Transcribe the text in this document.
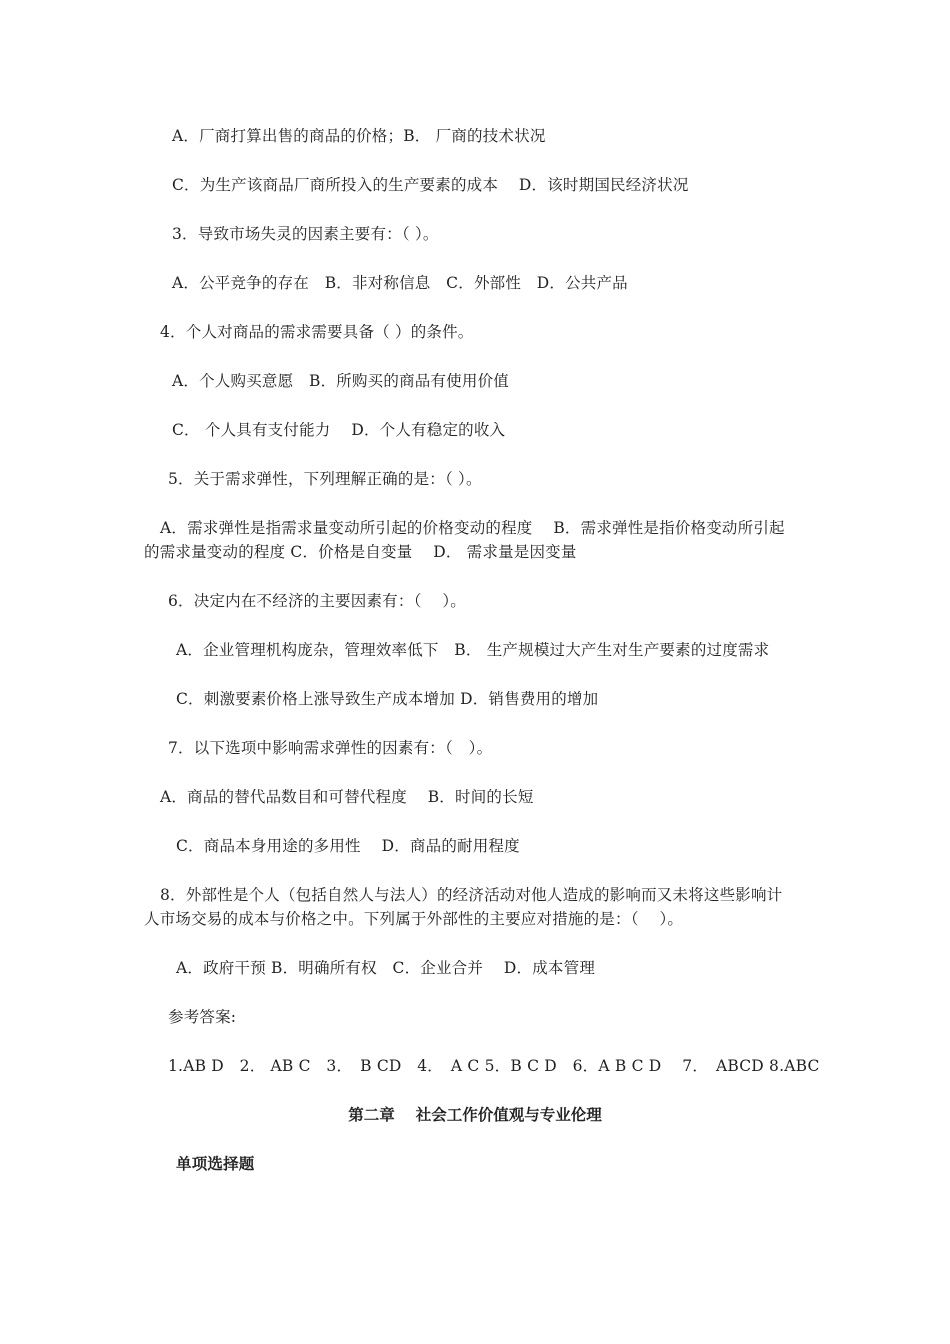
A．厂商打算出售的商品的价格；B． 厂商的技术状况
C．为生产该商品厂商所投入的生产要素的成本　 D．该时期国民经济状况
3．导致市场失灵的因素主要有：（ ）。
A．公平竞争的存在　B．非对称信息　C．外部性　D．公共产品
4．个人对商品的需求需要具备（ ）的条件。
A．个人购买意愿　B．所购买的商品有使用价值
C． 个人具有支付能力　 D．个人有稳定的收入
5．关于需求弹性，下列理解正确的是：（ ）。
A．需求弹性是指需求量变动所引起的价格变动的程度　 B．需求弹性是指价格变动所引起
的需求量变动的程度 C．价格是自变量　 D． 需求量是因变量
6．决定内在不经济的主要因素有：（　 ）。
A．企业管理机构庞杂，管理效率低下　B． 生产规模过大产生对生产要素的过度需求
C．刺激要素价格上涨导致生产成本增加 D．销售费用的增加
7．以下选项中影响需求弹性的因素有：（　）。
A．商品的替代品数目和可替代程度　 B．时间的长短
C．商品本身用途的多用性　 D．商品的耐用程度
8．外部性是个人（包括自然人与法人）的经济活动对他人造成的影响而又未将这些影响计
人市场交易的成本与价格之中。下列属于外部性的主要应对措施的是：（　 ）。
A．政府干预 B．明确所有权　C．企业合并　 D．成本管理
参考答案:
1.AB D　2． AB C　3．　B CD　4．　A C 5．B C D　6．A B C D　 7．　ABCD 8.ABC
第二章　 社会工作价值观与专业伦理
单项选择题
